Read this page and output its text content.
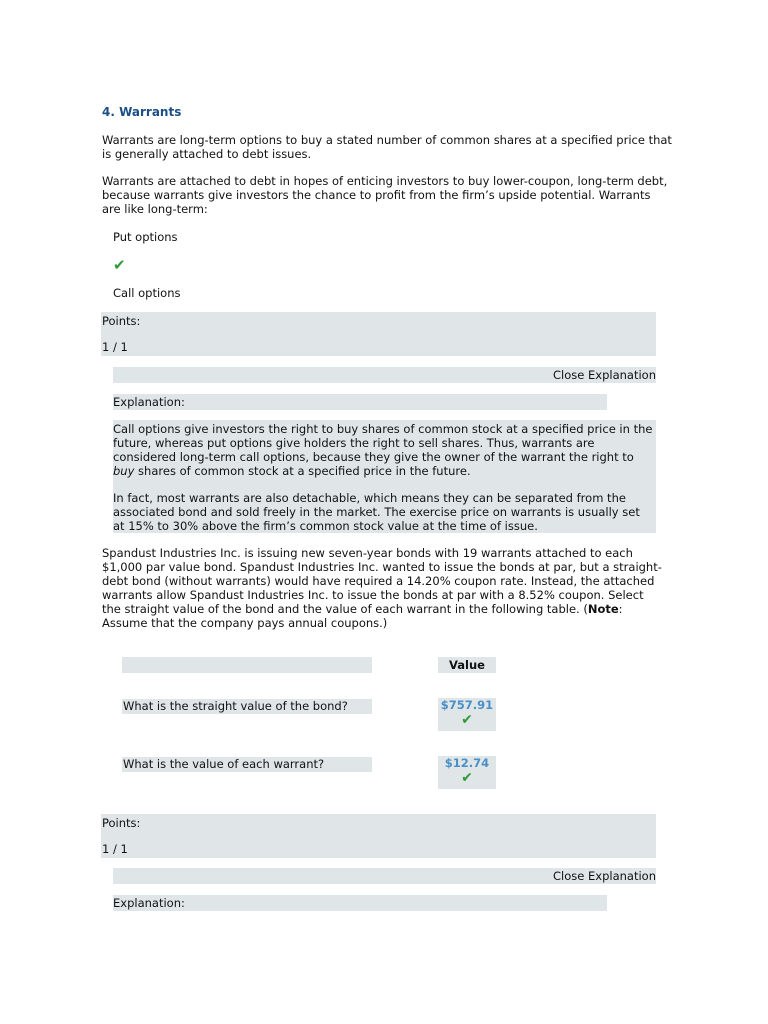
4. Warrants

Warrants are long-term options to buy a stated number of common shares at a specified price that is generally attached to debt issues.

Warrants are attached to debt in hopes of enticing investors to buy lower-coupon, long-term debt, because warrants give investors the chance to profit from the firm’s upside potential. Warrants are like long-term:

Put options
✔
Call options
Points:
1 / 1
Close Explanation
Explanation:

Call options give investors the right to buy shares of common stock at a specified price in the future, whereas put options give holders the right to sell shares. Thus, warrants are considered long-term call options, because they give the owner of the warrant the right to buy shares of common stock at a specified price in the future.

In fact, most warrants are also detachable, which means they can be separated from the associated bond and sold freely in the market. The exercise price on warrants is usually set at 15% to 30% above the firm’s common stock value at the time of issue.

Spandust Industries Inc. is issuing new seven-year bonds with 19 warrants attached to each $1,000 par value bond. Spandust Industries Inc. wanted to issue the bonds at par, but a straight-debt bond (without warrants) would have required a 14.20% coupon rate. Instead, the attached warrants allow Spandust Industries Inc. to issue the bonds at par with a 8.52% coupon. Select the straight value of the bond and the value of each warrant in the following table. (Note: Assume that the company pays annual coupons.)

Value
What is the straight value of the bond?	$757.91
✔
What is the value of each warrant?	$12.74
✔
Points:
1 / 1
Close Explanation
Explanation:
